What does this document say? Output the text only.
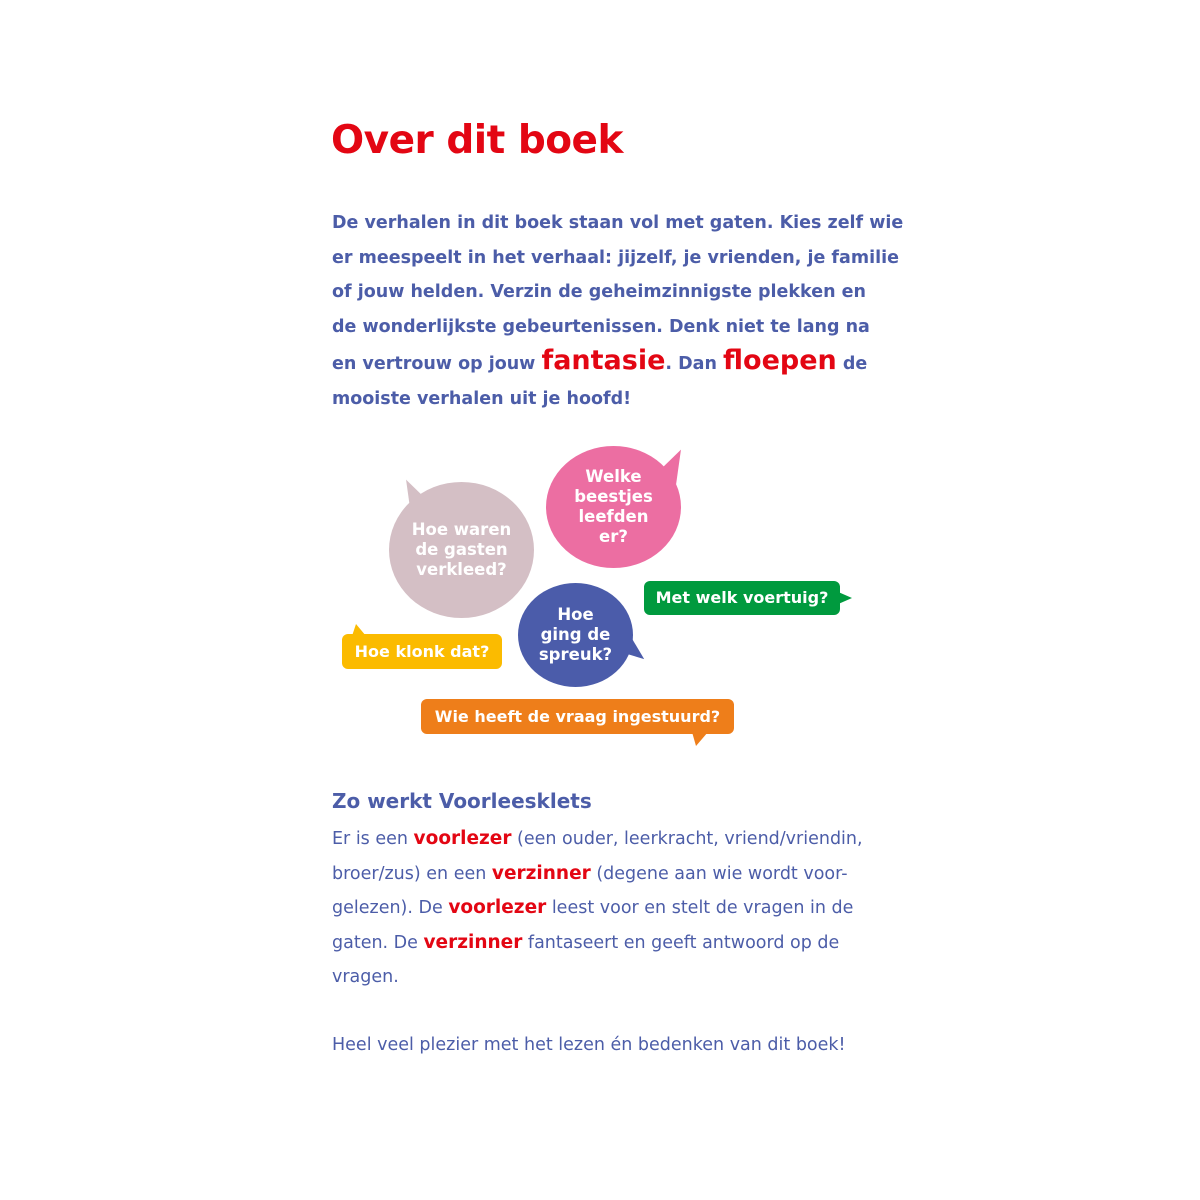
Over dit boek

De verhalen in dit boek staan vol met gaten. Kies zelf wie
er meespeelt in het verhaal: jijzelf, je vrienden, je familie
of jouw helden. Verzin de geheimzinnigste plekken en
de wonderlijkste gebeurtenissen. Denk niet te lang na
en vertrouw op jouw fantasie. Dan floepen de
mooiste verhalen uit je hoofd!

Hoe waren
de gasten
verkleed?
Welke
beestjes
leefden
er?
Hoe
ging de
spreuk?
Met welk voertuig?
Hoe klonk dat?
Wie heeft de vraag ingestuurd?
Zo werkt Voorleesklets

Er is een voorlezer (een ouder, leerkracht, vriend/vriendin,
broer/zus) en een verzinner (degene aan wie wordt voor-
gelezen). De voorlezer leest voor en stelt de vragen in de
gaten. De verzinner fantaseert en geeft antwoord op de
vragen.

Heel veel plezier met het lezen én bedenken van dit boek!
